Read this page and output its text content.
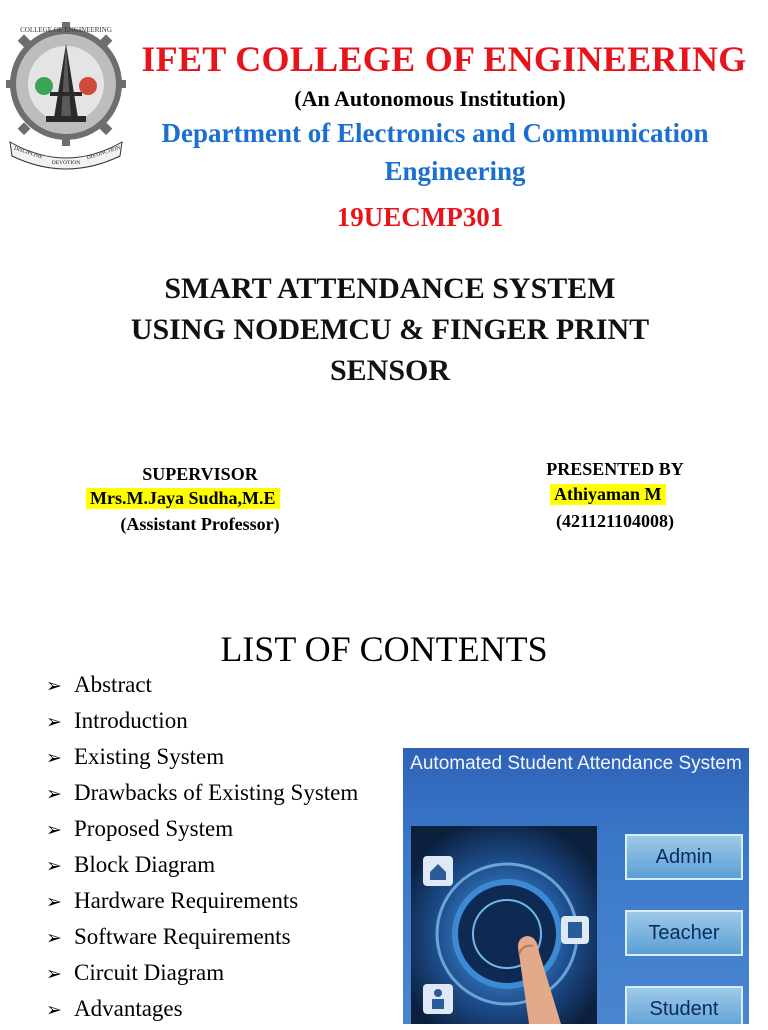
COLLEGE OF ENGINEERING
DISCIPLINE
DEVOTION
DISTINCTION
IFET COLLEGE OF ENGINEERING
(An Autonomous Institution)
Department of Electronics and Communication
Engineering
19UECMP301
SMART ATTENDANCE SYSTEM
USING NODEMCU & FINGER PRINT
SENSOR
SUPERVISOR
Mrs.M.Jaya Sudha,M.E
(Assistant Professor)
PRESENTED BY
Athiyaman M
(421121104008)
LIST OF CONTENTS
➢ Abstract
➢ Introduction
➢ Existing System
➢ Drawbacks of Existing System
➢ Proposed System
➢ Block Diagram
➢ Hardware Requirements
➢ Software Requirements
➢ Circuit Diagram
➢ Advantages
Automated Student Attendance System
Admin
Teacher
Student
